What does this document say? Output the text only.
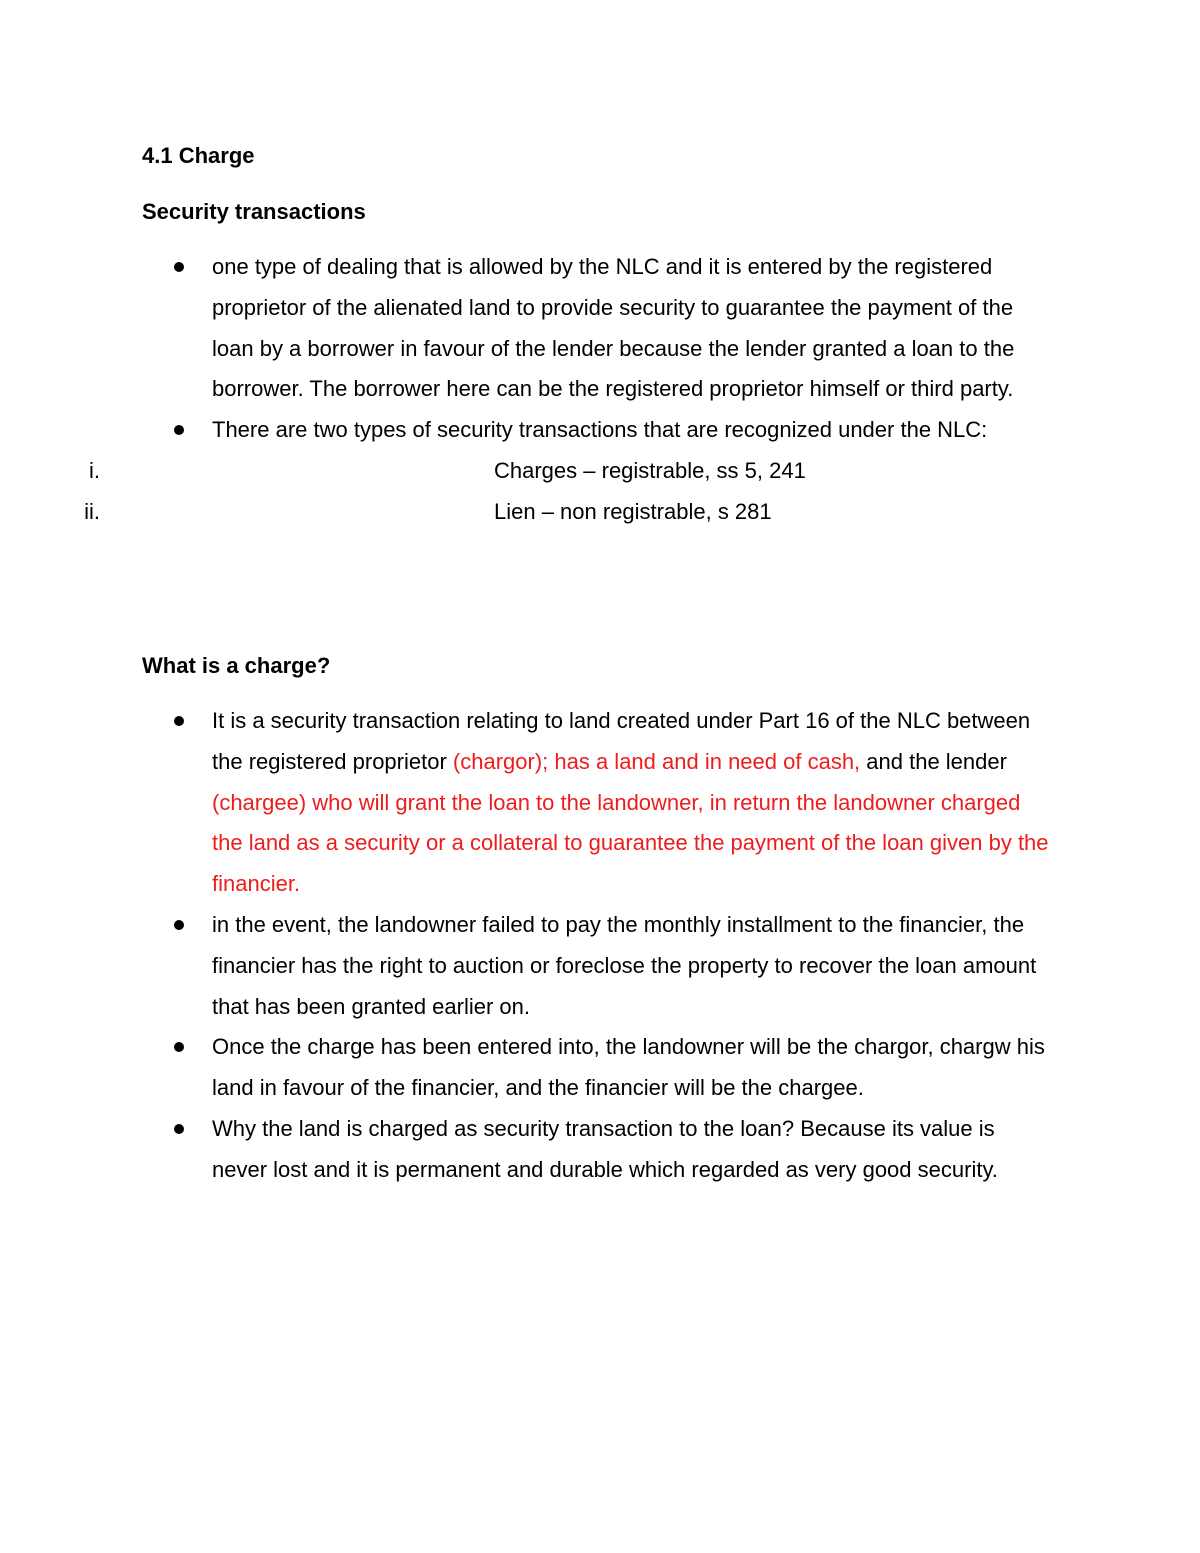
4.1 Charge
Security transactions
one type of dealing that is allowed by the NLC and it is entered by the registered proprietor of the alienated land to provide security to guarantee the payment of the loan by a borrower in favour of the lender because the lender granted a loan to the borrower. The borrower here can be the registered proprietor himself or third party.
There are two types of security transactions that are recognized under the NLC:
i.	Charges – registrable, ss 5, 241
ii.	Lien – non registrable, s 281
What is a charge?
It is a security transaction relating to land created under Part 16 of the NLC between the registered proprietor (chargor); has a land and in need of cash, and the lender (chargee) who will grant the loan to the landowner, in return the landowner charged the land as a security or a collateral to guarantee the payment of the loan given by the financier.
in the event, the landowner failed to pay the monthly installment to the financier, the financier has the right to auction or foreclose the property to recover the loan amount that has been granted earlier on.
Once the charge has been entered into, the landowner will be the chargor, chargw his land in favour of the financier, and the financier will be the chargee.
Why the land is charged as security transaction to the loan? Because its value is never lost and it is permanent and durable which regarded as very good security.
